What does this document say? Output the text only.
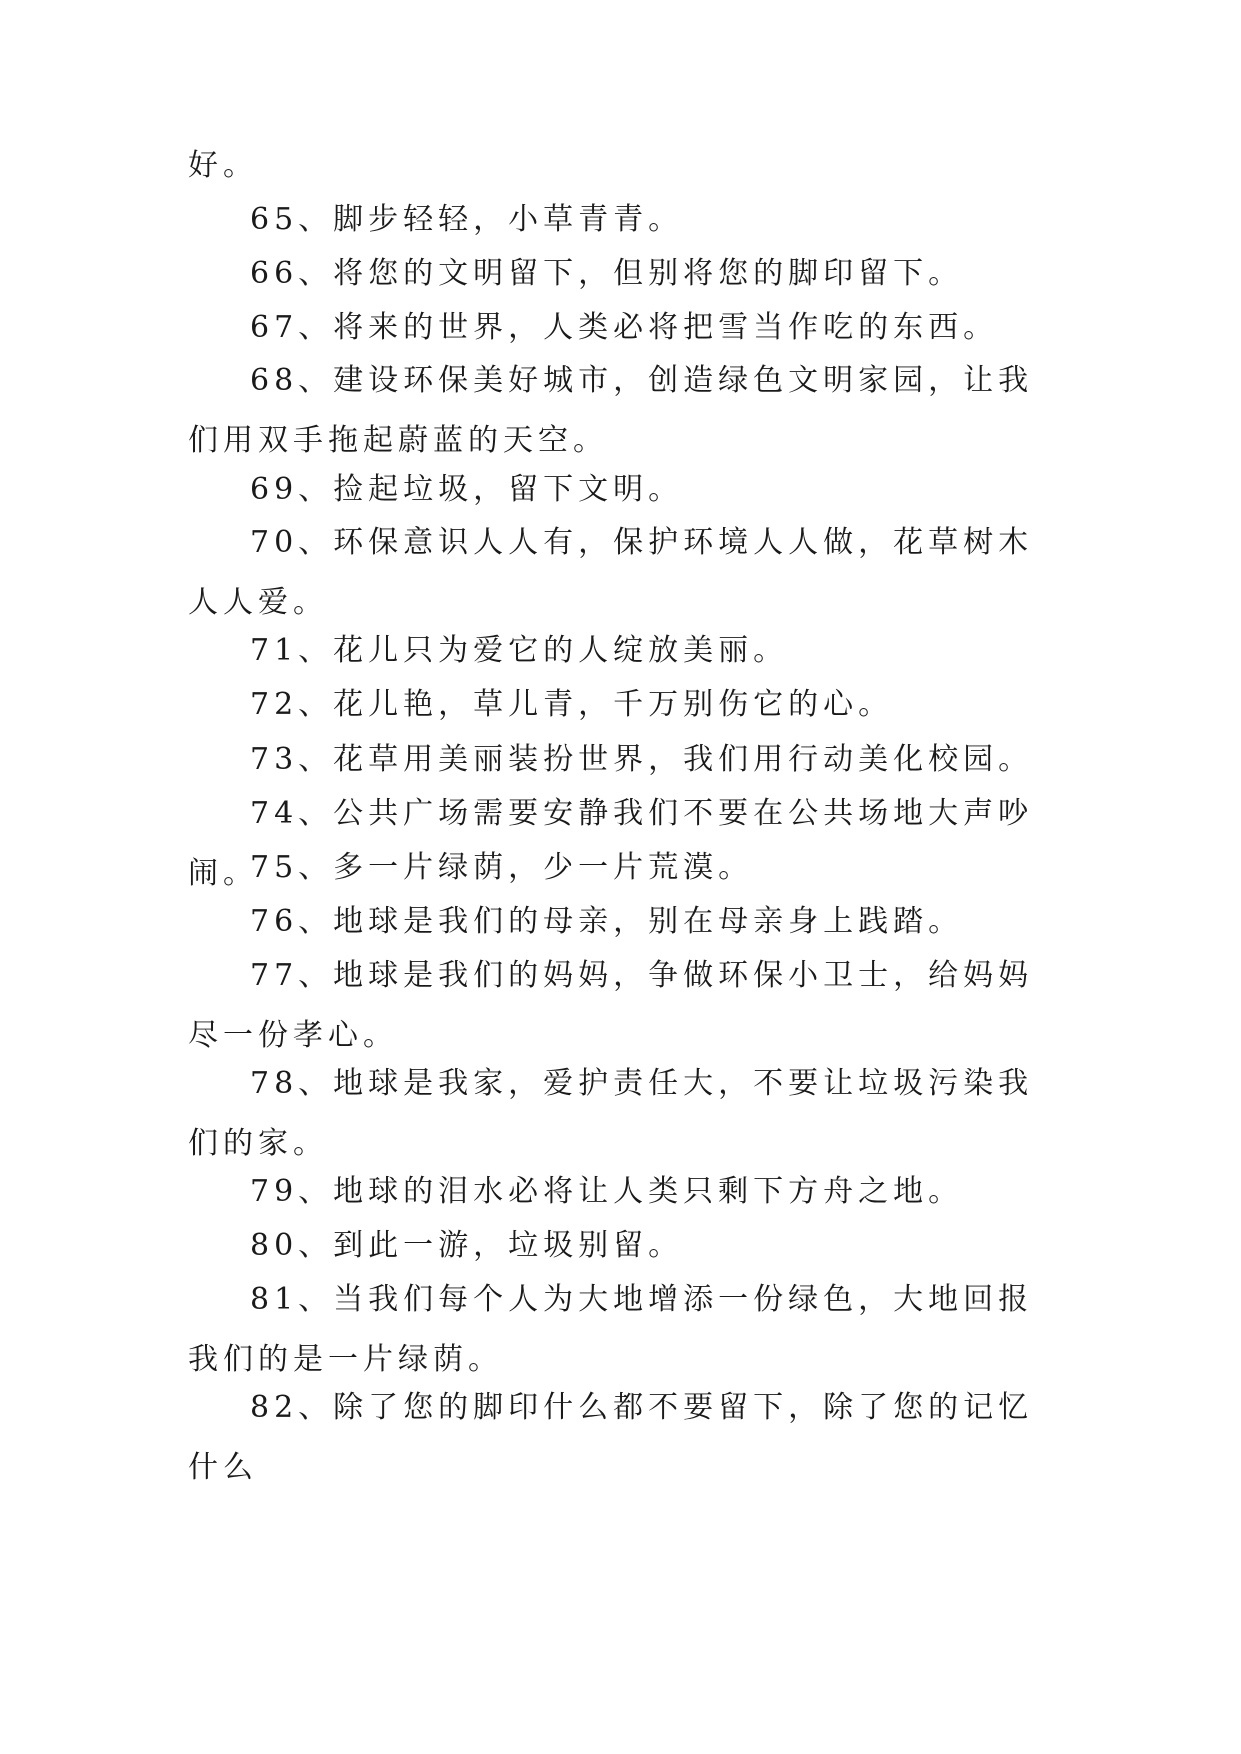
好。

65、脚步轻轻，小草青青。

66、将您的文明留下，但别将您的脚印留下。

67、将来的世界，人类必将把雪当作吃的东西。

68、建设环保美好城市，创造绿色文明家园，让我们用双手拖起蔚蓝的天空。

69、捡起垃圾，留下文明。

70、环保意识人人有，保护环境人人做，花草树木人人爱。

71、花儿只为爱它的人绽放美丽。

72、花儿艳，草儿青，千万别伤它的心。

73、花草用美丽装扮世界，我们用行动美化校园。

74、公共广场需要安静我们不要在公共场地大声吵闹。

75、多一片绿荫，少一片荒漠。

76、地球是我们的母亲，别在母亲身上践踏。

77、地球是我们的妈妈，争做环保小卫士，给妈妈尽一份孝心。

78、地球是我家，爱护责任大，不要让垃圾污染我们的家。

79、地球的泪水必将让人类只剩下方舟之地。

80、到此一游，垃圾别留。

81、当我们每个人为大地增添一份绿色，大地回报我们的是一片绿荫。

82、除了您的脚印什么都不要留下，除了您的记忆什么
